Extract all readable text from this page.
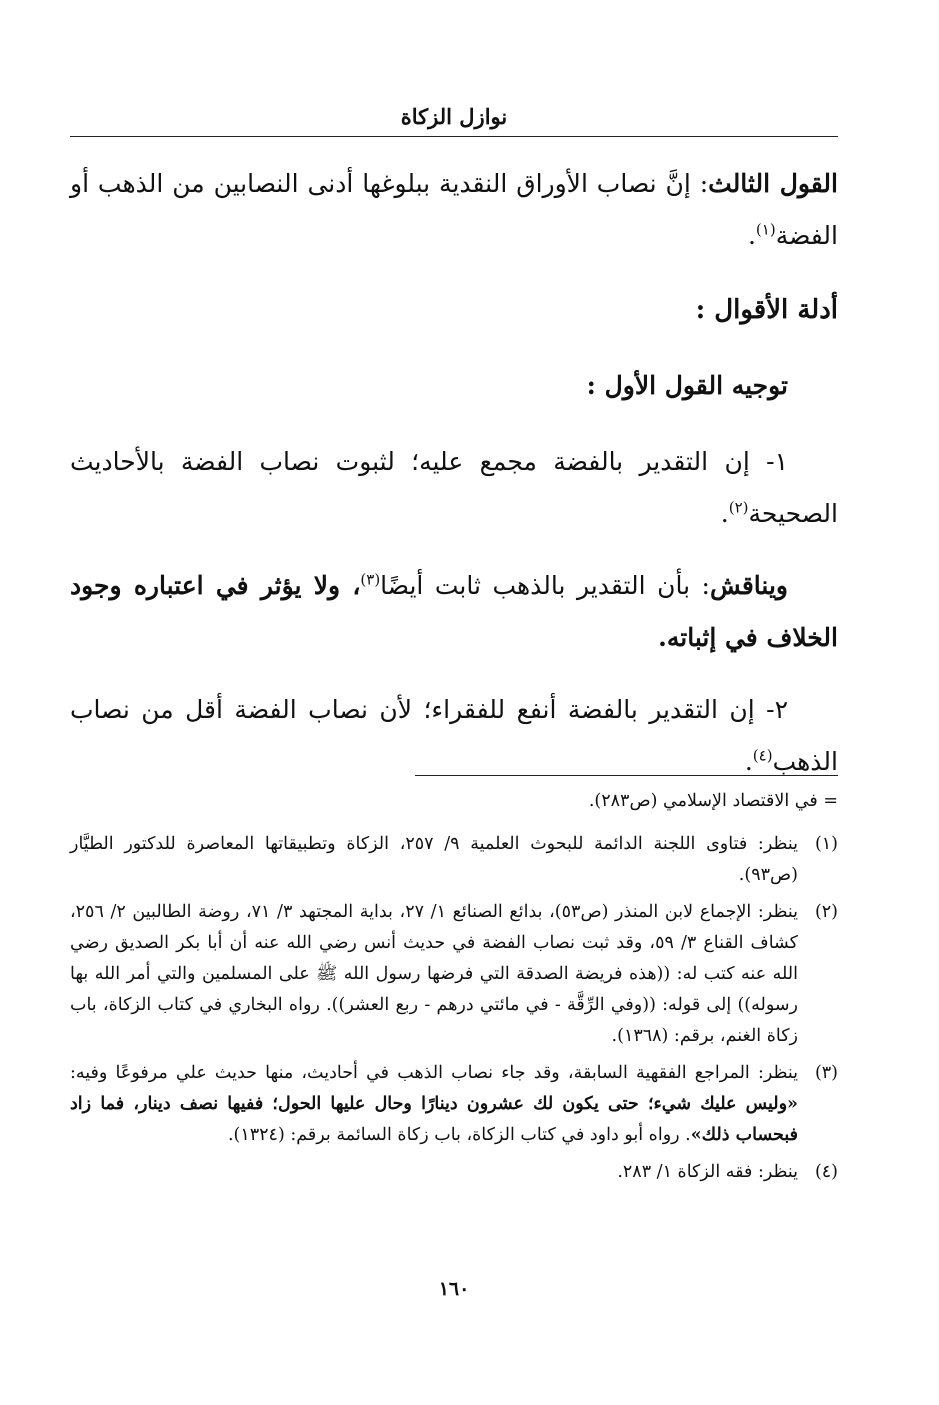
نوازل الزكاة

القول الثالث: إنَّ نصاب الأوراق النقدية ببلوغها أدنى النصابين من الذهب أو الفضة$^{(١)}$.

أدلة الأقوال :

توجيه القول الأول :

١- إن التقدير بالفضة مجمع عليه؛ لثبوت نصاب الفضة بالأحاديث الصحيحة$^{(٢)}$.

ويناقش: بأن التقدير بالذهب ثابت أيضًا$^{(٣)}$، ولا يؤثر في اعتباره وجود الخلاف في إثباته.

٢- إن التقدير بالفضة أنفع للفقراء؛ لأن نصاب الفضة أقل من نصاب الذهب$^{(٤)}$.

= في الاقتصاد الإسلامي (ص٢٨٣).
(١)
ينظر: فتاوى اللجنة الدائمة للبحوث العلمية ٩/ ٢٥٧، الزكاة وتطبيقاتها المعاصرة للدكتور الطيَّار (ص٩٣).
(٢)
ينظر: الإجماع لابن المنذر (ص٥٣)، بدائع الصنائع ١/ ٢٧، بداية المجتهد ٣/ ٧١، روضة الطالبين ٢/ ٢٥٦، كشاف القناع ٣/ ٥٩، وقد ثبت نصاب الفضة في حديث أنس رضي الله عنه أن أبا بكر الصديق رضي الله عنه كتب له: ((هذه فريضة الصدقة التي فرضها رسول الله ﷺ على المسلمين والتي أمر الله بها رسوله)) إلى قوله: ((وفي الرِّقَّة - في مائتي درهم - ربع العشر)). رواه البخاري في كتاب الزكاة، باب زكاة الغنم، برقم: (١٣٦٨).
(٣)
ينظر: المراجع الفقهية السابقة، وقد جاء نصاب الذهب في أحاديث، منها حديث علي مرفوعًا وفيه: «وليس عليك شيء؛ حتى يكون لك عشرون دينارًا وحال عليها الحول؛ ففيها نصف دينار، فما زاد فبحساب ذلك». رواه أبو داود في كتاب الزكاة، باب زكاة السائمة برقم: (١٣٢٤).
(٤)
ينظر: فقه الزكاة ١/ ٢٨٣.
١٦٠
